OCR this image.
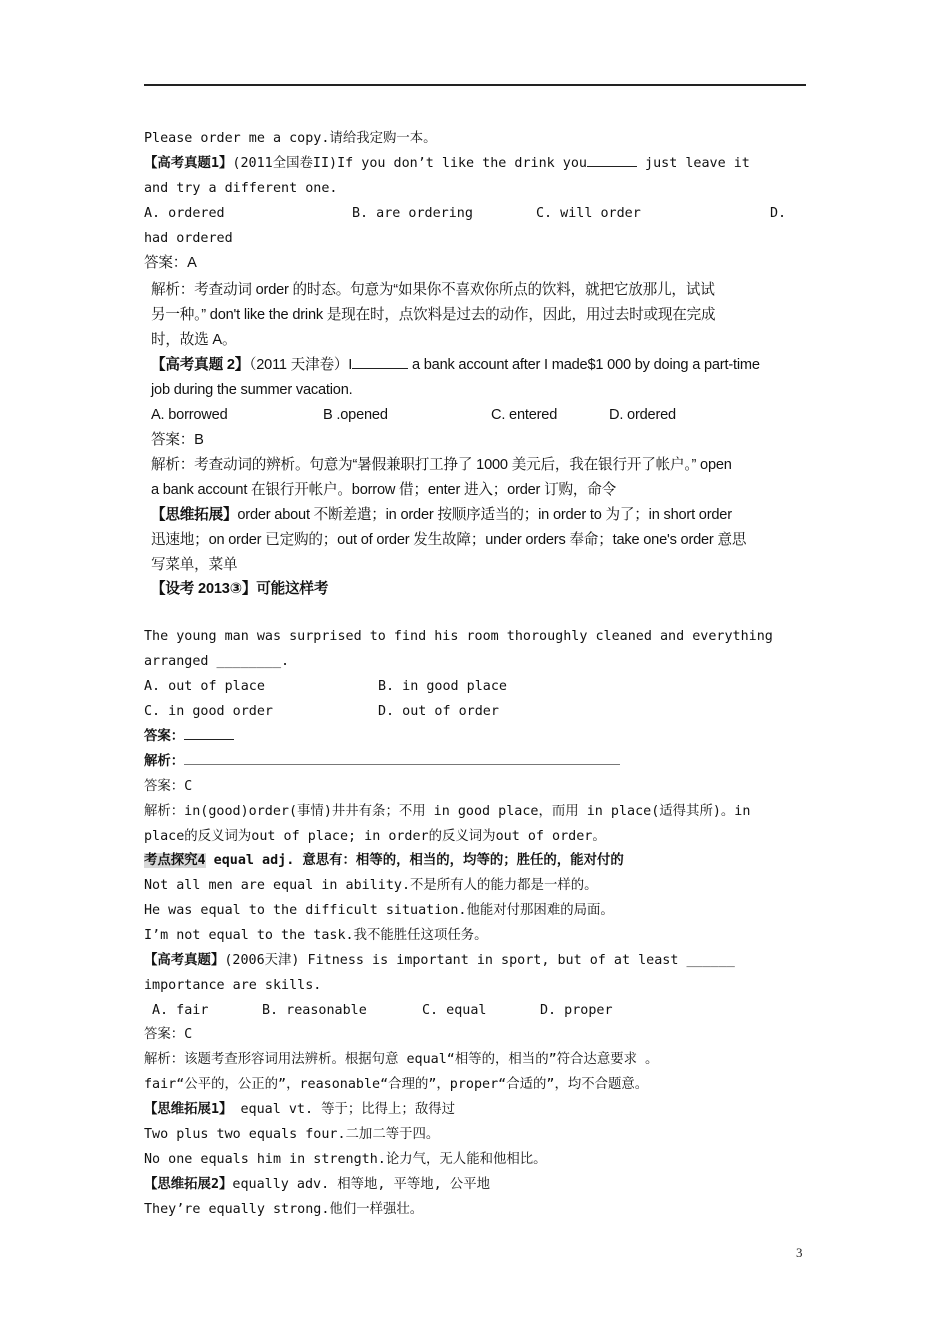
Please order me a copy.请给我定购一本。
【高考真题1】(2011全国卷II)If you don’t like the drink you	just leave it
and try a different one.
A. ordered	B. are ordering	C. will order	D.
had ordered
答案：A
解析：考查动词 order 的时态。句意为“如果你不喜欢你所点的饮料，就把它放那儿，试试
另一种。” don't like the drink 是现在时，点饮料是过去的动作，因此，用过去时或现在完成
时，故选 A。
【高考真题 2】（2011 天津卷）I	a bank account after I made$1 000 by doing a part-time
job during the summer vacation.
A. borrowed	B .opened	C. entered	D. ordered
答案：B
解析：考查动词的辨析。句意为“暑假兼职打工挣了 1000 美元后，我在银行开了帐户。” open
a bank account 在银行开帐户。borrow 借；enter 进入；order 订购，命令
【思维拓展】order about 不断差遣；in order 按顺序适当的；in order to 为了；in short order
迅速地；on order 已定购的；out of order 发生故障；under orders 奉命；take one's order 意思
写菜单，菜单
【设考 2013③】可能这样考
The young man was surprised to find his room thoroughly cleaned and everything
arranged ________.
A. out of place	B. in good place
C. in good order	D. out of order
答案：
解析：
答案：C
解析：in(good)order(事情)井井有条；不用 in good place，而用 in place(适得其所)。in
place的反义词为out of place; in order的反义词为out of order。
考点探究4 equal adj. 意思有：相等的，相当的，均等的；胜任的，能对付的
Not all men are equal in ability.不是所有人的能力都是一样的。
He was equal to the difficult situation.他能对付那困难的局面。
I’m not equal to the task.我不能胜任这项任务。
【高考真题】(2006天津) Fitness is important in sport, but of at least ______
importance are skills.
A. fair	B. reasonable	C. equal	D. proper
答案：C
解析：该题考查形容词用法辨析。根据句意 equal“相等的，相当的”符合达意要求 。
fair“公平的，公正的”，reasonable“合理的”，proper“合适的”，均不合题意。
【思维拓展1】 equal vt. 等于；比得上；敌得过
Two plus two equals four.二加二等于四。
No one equals him in strength.论力气，无人能和他相比。
【思维拓展2】equally adv. 相等地, 平等地, 公平地
They’re equally strong.他们一样强壮。
3
